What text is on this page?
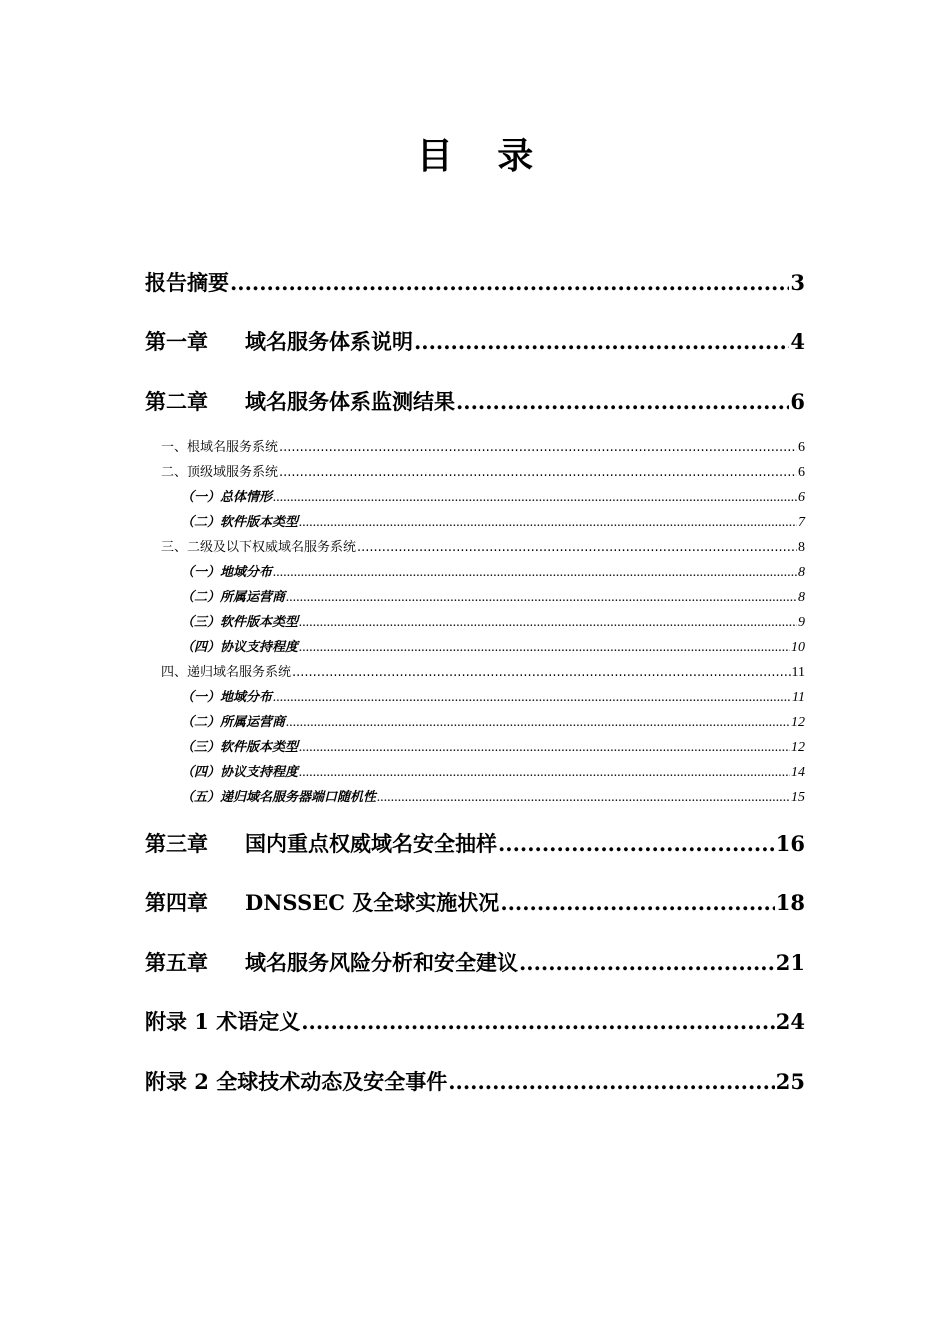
目 录
报告摘要 .....	3
第一章 域名服务体系说明 .....	4
第二章 域名服务体系监测结果 .....	6
一、根域名服务系统 .....	6
二、顶级域服务系统 .....	6
（一）总体情形 .....	6
（二）软件版本类型 .....	7
三、二级及以下权威域名服务系统 .....	8
（一）地域分布 .....	8
（二）所属运营商 .....	8
（三）软件版本类型 .....	9
（四）协议支持程度 .....	10
四、递归域名服务系统 .....	11
（一）地域分布 .....	11
（二）所属运营商 .....	12
（三）软件版本类型 .....	12
（四）协议支持程度 .....	14
（五）递归域名服务器端口随机性 .....	15
第三章 国内重点权威域名安全抽样 .....	16
第四章 DNSSEC 及全球实施状况 .....	18
第五章 域名服务风险分析和安全建议 .....	21
附录 1 术语定义 .....	24
附录 2 全球技术动态及安全事件 .....	25
